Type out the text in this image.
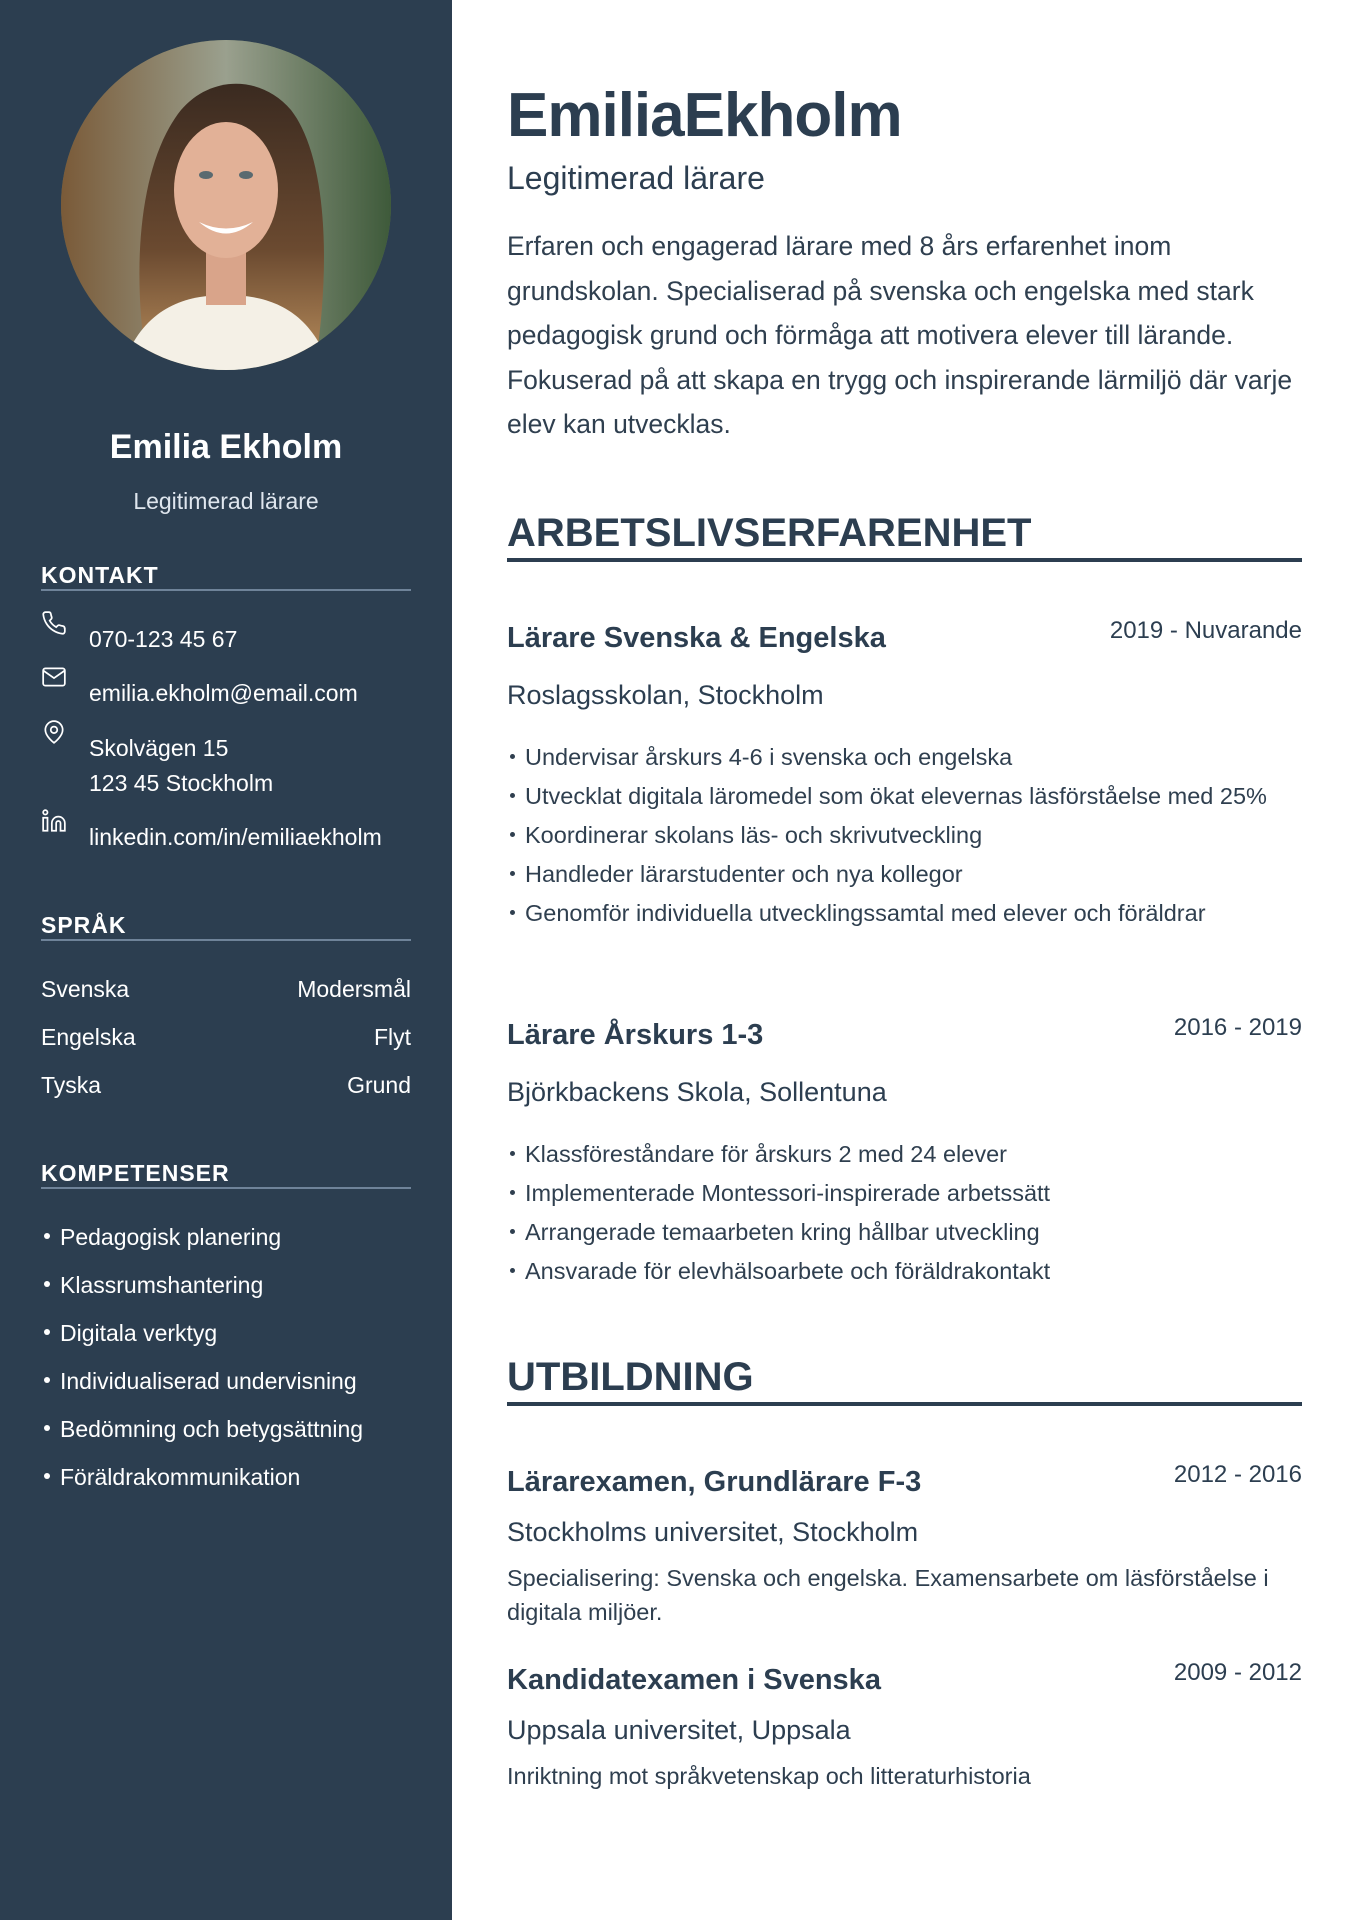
Emilia Ekholm
Legitimerad lärare
KONTAKT
070-123 45 67
emilia.ekholm@email.com
Skolvägen 15
123 45 Stockholm
linkedin.com/in/emiliaekholm
SPRÅK
Svenska	Modersmål
Engelska	Flyt
Tyska	Grund
KOMPETENSER
Pedagogisk planering
Klassrumshantering
Digitala verktyg
Individualiserad undervisning
Bedömning och betygsättning
Föräldrakommunikation
EmiliaEkholm
Legitimerad lärare

Erfaren och engagerad lärare med 8 års erfarenhet inom grundskolan. Specialiserad på svenska och engelska med stark pedagogisk grund och förmåga att motivera elever till lärande. Fokuserad på att skapa en trygg och inspirerande lärmiljö där varje elev kan utvecklas.

ARBETSLIVSERFARENHET
Lärare Svenska & Engelska	2019 - Nuvarande
Roslagsskolan, Stockholm
Undervisar årskurs 4-6 i svenska och engelska
Utvecklat digitala läromedel som ökat elevernas läsförståelse med 25%
Koordinerar skolans läs- och skrivutveckling
Handleder lärarstudenter och nya kollegor
Genomför individuella utvecklingssamtal med elever och föräldrar
Lärare Årskurs 1-3	2016 - 2019
Björkbackens Skola, Sollentuna
Klassföreståndare för årskurs 2 med 24 elever
Implementerade Montessori-inspirerade arbetssätt
Arrangerade temaarbeten kring hållbar utveckling
Ansvarade för elevhälsoarbete och föräldrakontakt
UTBILDNING
Lärarexamen, Grundlärare F-3	2012 - 2016
Stockholms universitet, Stockholm

Specialisering: Svenska och engelska. Examensarbete om läsförståelse i digitala miljöer.

Kandidatexamen i Svenska	2009 - 2012
Uppsala universitet, Uppsala

Inriktning mot språkvetenskap och litteraturhistoria
